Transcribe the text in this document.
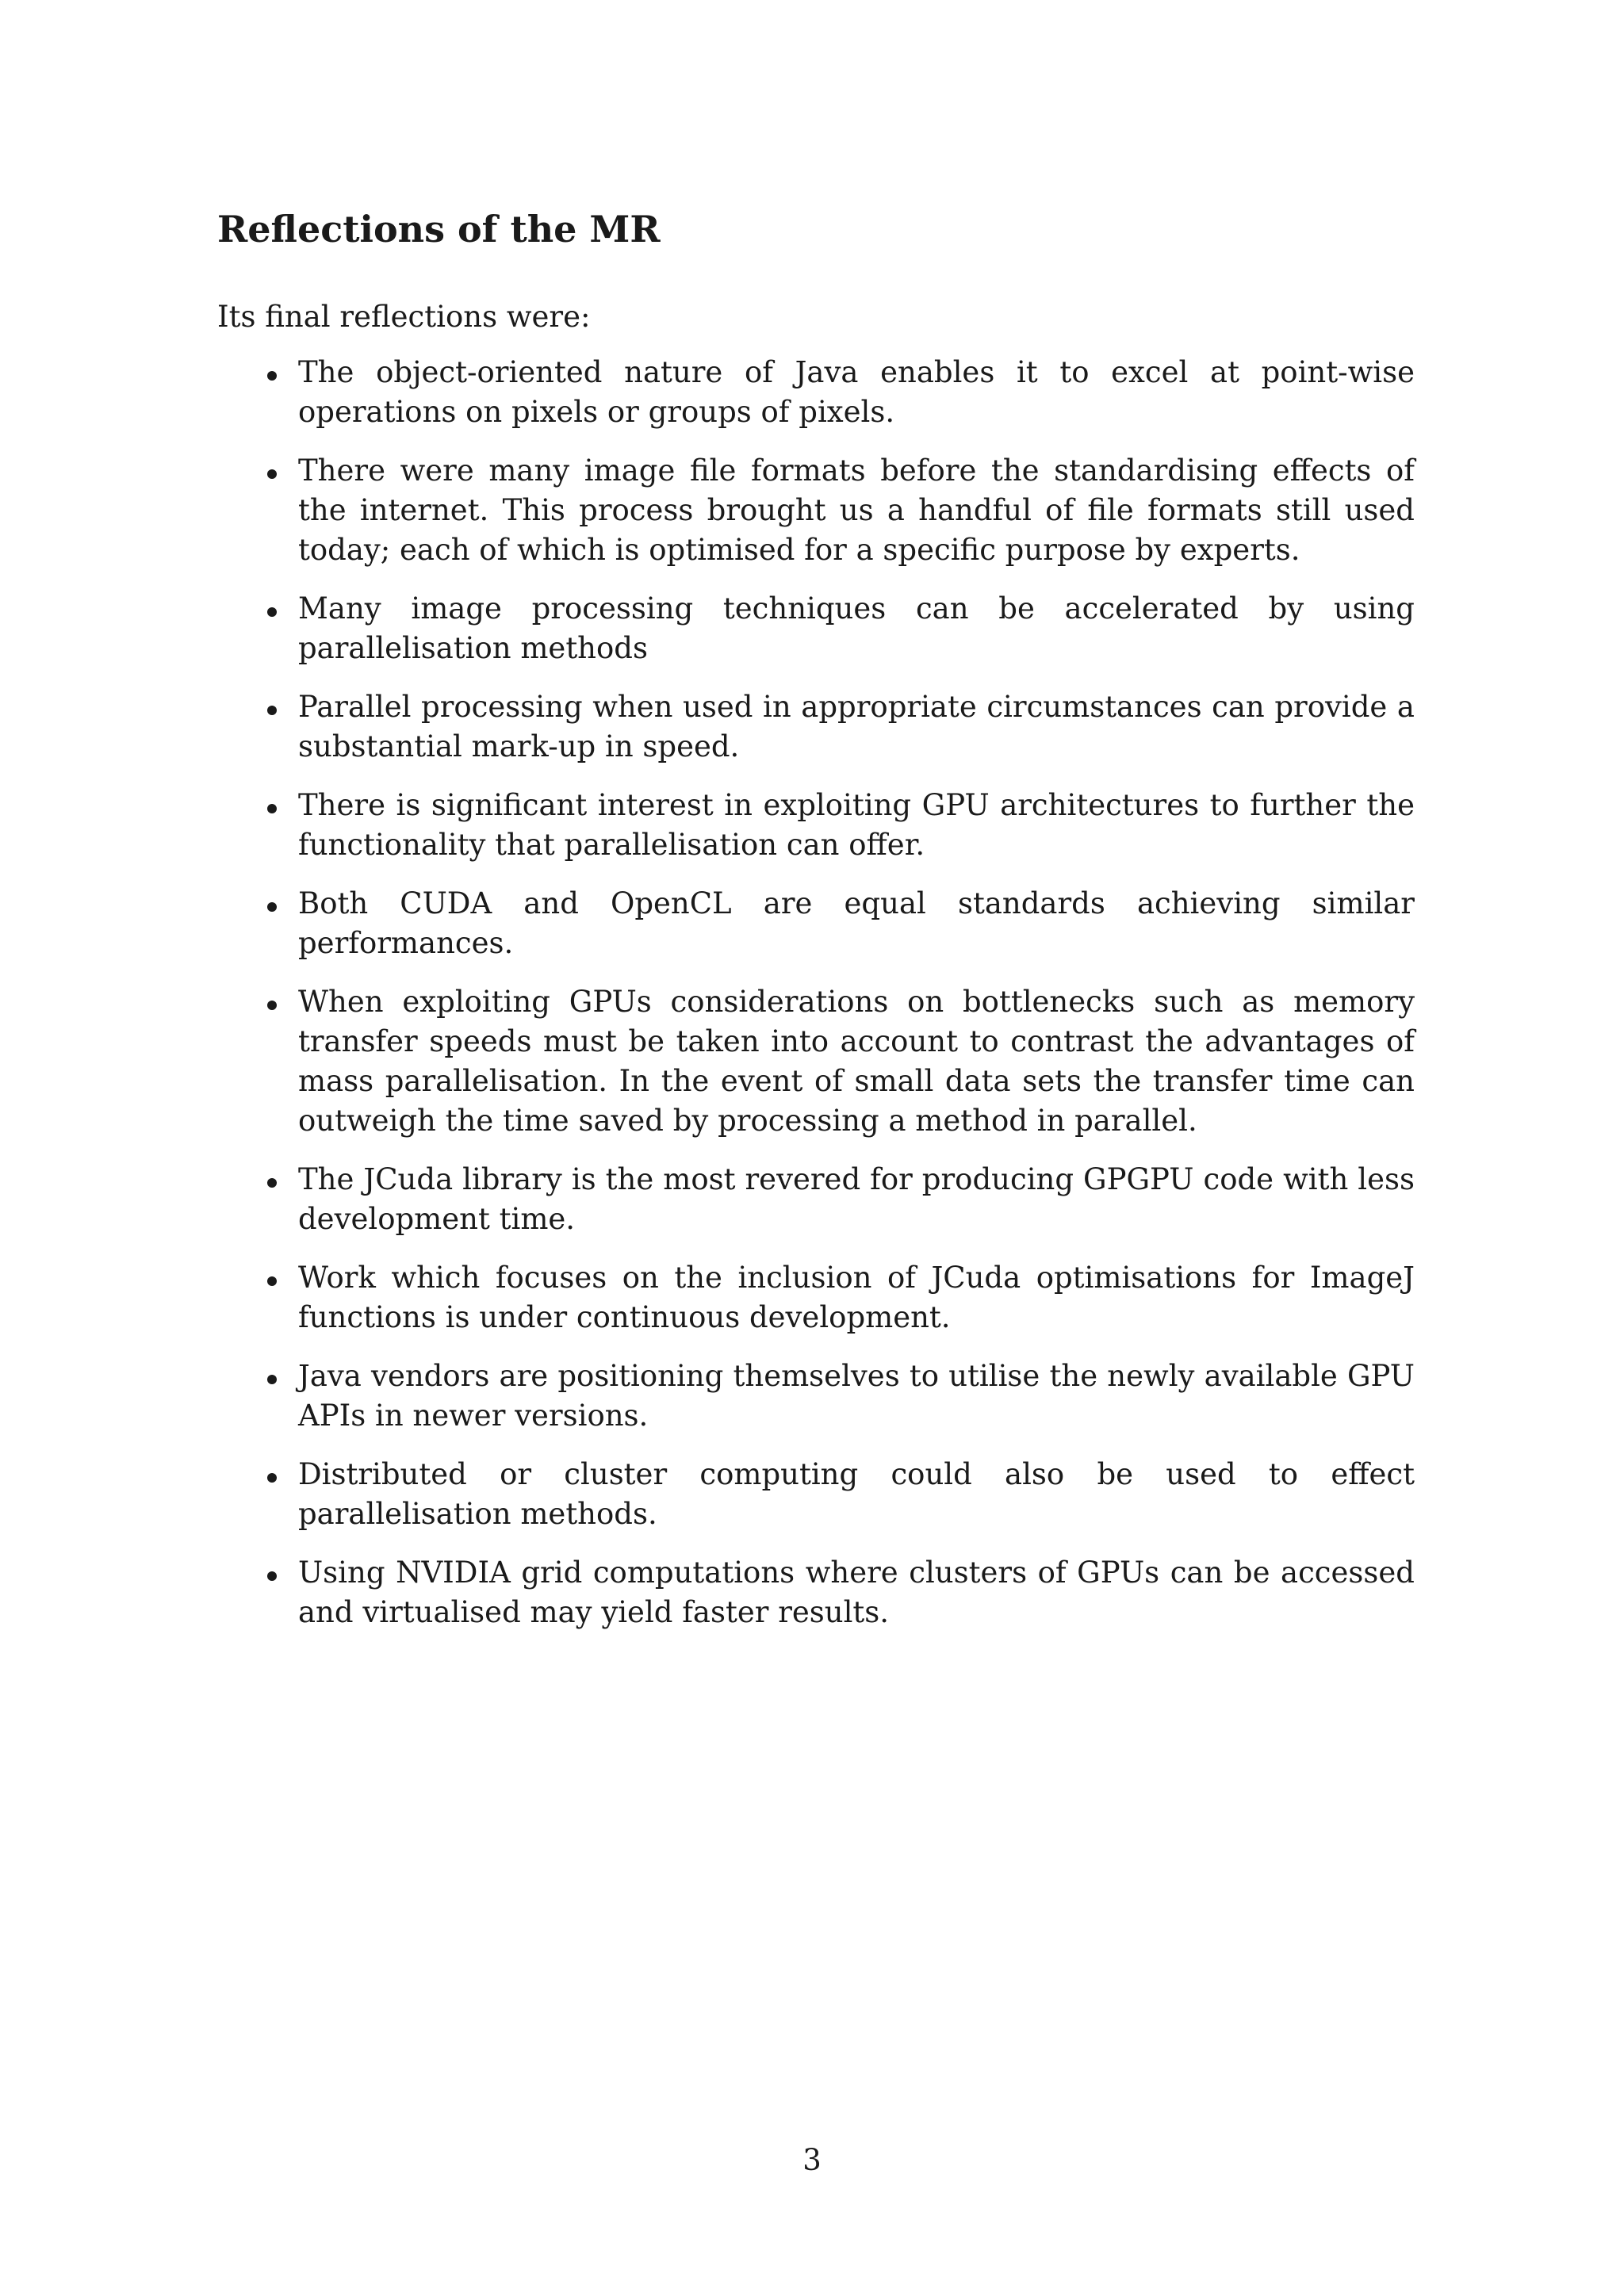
Reflections of the MR
Its final reflections were:
The object-oriented nature of Java enables it to excel at point-wise operations on pixels or groups of pixels.
There were many image file formats before the standardising effects of the internet. This process brought us a handful of file formats still used today; each of which is optimised for a specific purpose by experts.
Many image processing techniques can be accelerated by using parallelisation methods
Parallel processing when used in appropriate circumstances can provide a substantial mark-up in speed.
There is significant interest in exploiting GPU architectures to further the functionality that parallelisation can offer.
Both CUDA and OpenCL are equal standards achieving similar performances.
When exploiting GPUs considerations on bottlenecks such as memory transfer speeds must be taken into account to contrast the advantages of mass parallelisation. In the event of small data sets the transfer time can outweigh the time saved by processing a method in parallel.
The JCuda library is the most revered for producing GPGPU code with less development time.
Work which focuses on the inclusion of JCuda optimisations for ImageJ functions is under continuous development.
Java vendors are positioning themselves to utilise the newly available GPU APIs in newer versions.
Distributed or cluster computing could also be used to effect parallelisation methods.
Using NVIDIA grid computations where clusters of GPUs can be accessed and virtualised may yield faster results.
3
